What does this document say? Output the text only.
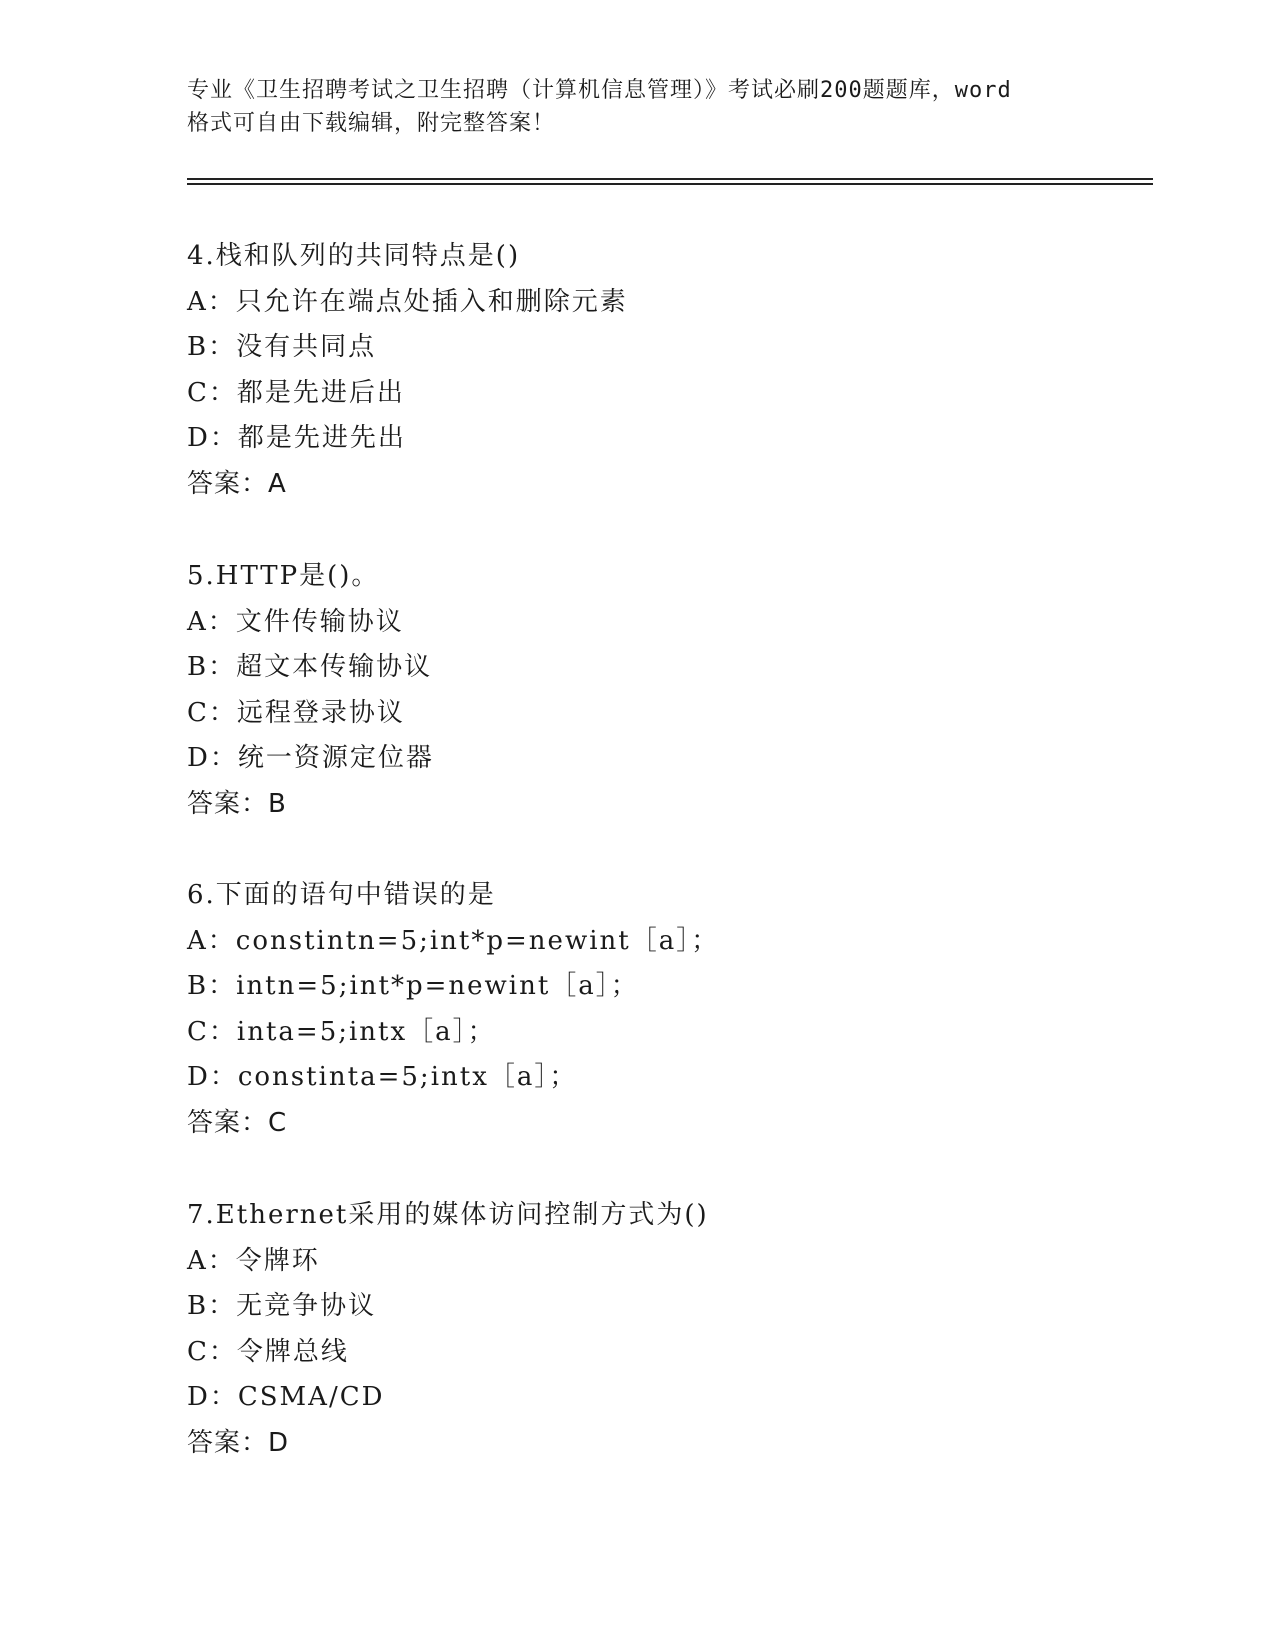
专业《卫生招聘考试之卫生招聘（计算机信息管理）》考试必刷200题题库，word
格式可自由下载编辑，附完整答案！
4.栈和队列的共同特点是()
A：只允许在端点处插入和删除元素
B：没有共同点
C：都是先进后出
D：都是先进先出
答案：A
5.HTTP是()。
A：文件传输协议
B：超文本传输协议
C：远程登录协议
D：统一资源定位器
答案：B
6.下面的语句中错误的是
A：constintn=5;int*p=newint［a］；
B：intn=5;int*p=newint［a］；
C：inta=5;intx［a］；
D：constinta=5;intx［a］；
答案：C
7.Ethernet采用的媒体访问控制方式为()
A：令牌环
B：无竞争协议
C：令牌总线
D：CSMA/CD
答案：D
